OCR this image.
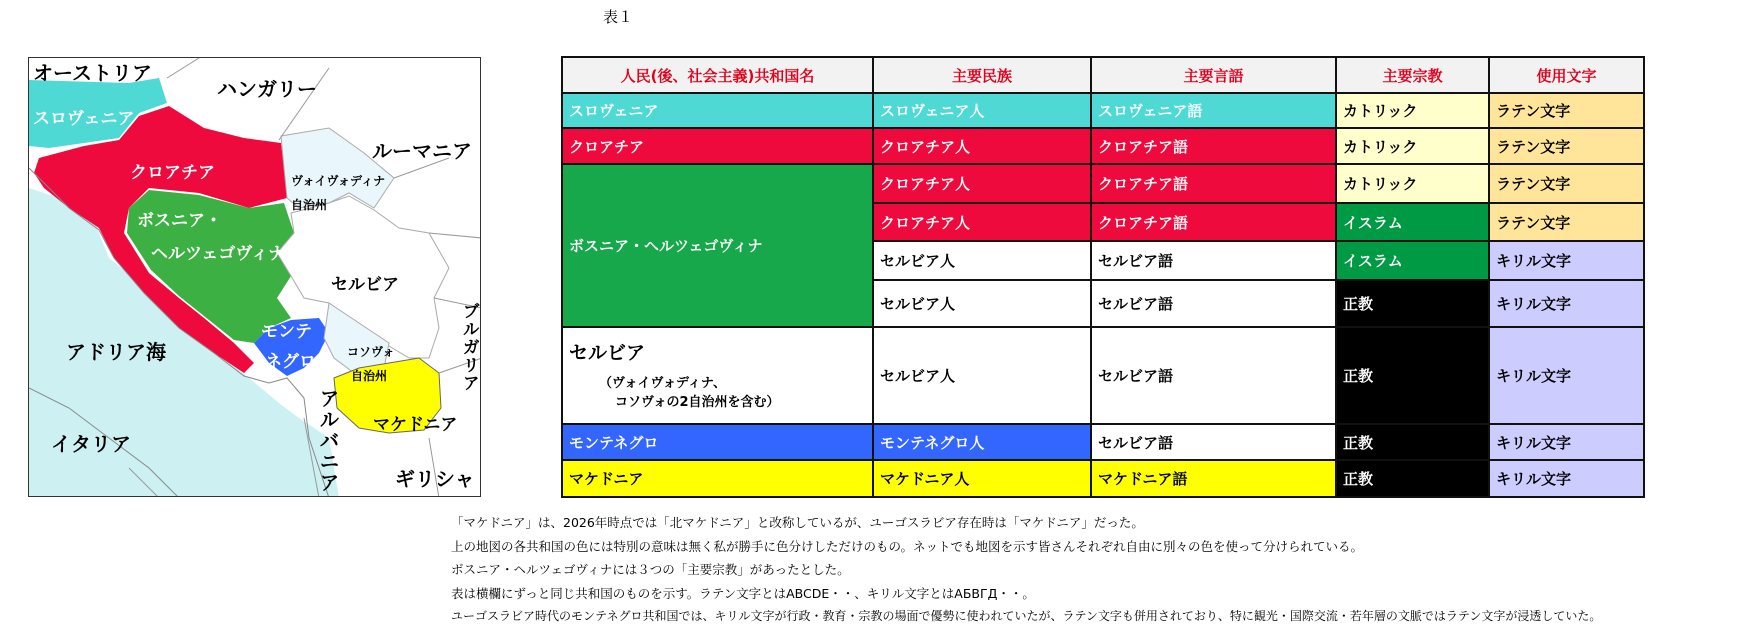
表１
オーストリア
ハンガリー
スロヴェニア
クロアチア
ルーマニア
ヴォイヴォディナ
自治州
ボスニア・
ヘルツェゴヴィナ
セルビア
アドリア海
モンテ
ネグロ	コソヴォ
自治州	ブルガリア
アルバニア マケドニア
イタリア
ギリシャ
人民(後、社会主義)共和国名	主要民族	主要言語	主要宗教	使用文字
スロヴェニア	スロヴェニア人	スロヴェニア語	カトリック	ラテン文字
クロアチア	クロアチア人	クロアチア語	カトリック	ラテン文字
ボスニア・ヘルツェゴヴィナ	クロアチア人	クロアチア語	カトリック	ラテン文字
	クロアチア人	クロアチア語	イスラム	ラテン文字
	セルビア人	セルビア語	イスラム	キリル文字
	セルビア人	セルビア語	正教	キリル文字
セルビア
（ヴォイヴォディナ、
コソヴォの2自治州を含む）	セルビア人	セルビア語	正教	キリル文字
モンテネグロ	モンテネグロ人	セルビア語	正教	キリル文字
マケドニア	マケドニア人	マケドニア語	正教	キリル文字
「マケドニア」は、2026年時点では「北マケドニア」と改称しているが、ユーゴスラビア存在時は「マケドニア」だった。
上の地図の各共和国の色には特別の意味は無く私が勝手に色分けしただけのもの。ネットでも地図を示す皆さんそれぞれ自由に別々の色を使って分けられている。
ボスニア・ヘルツェゴヴィナには３つの「主要宗教」があったとした。
表は横欄にずっと同じ共和国のものを示す。ラテン文字とはABCDE・・、キリル文字とはАБВГД・・。
ユーゴスラビア時代のモンテネグロ共和国では、キリル文字が行政・教育・宗教の場面で優勢に使われていたが、ラテン文字も併用されており、特に観光・国際交流・若年層の文脈ではラテン文字が浸透していた。
